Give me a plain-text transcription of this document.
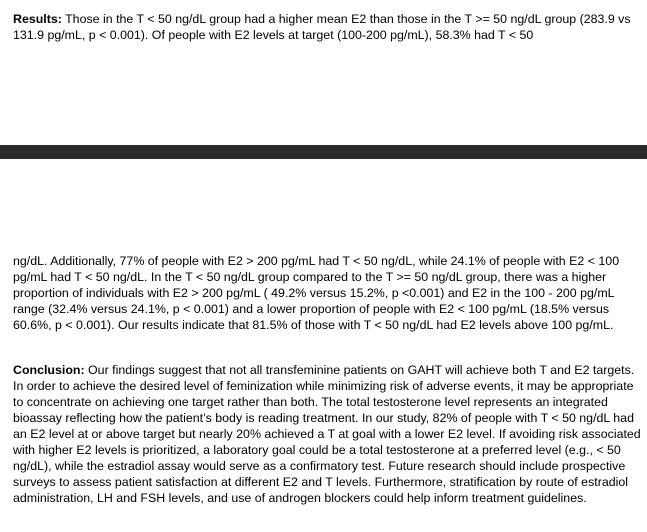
Results: Those in the T < 50 ng/dL group had a higher mean E2 than those in the T >= 50 ng/dL group (283.9 vs 131.9 pg/mL, p < 0.001). Of people with E2 levels at target (100-200 pg/mL), 58.3% had T < 50

ng/dL. Additionally, 77% of people with E2 > 200 pg/mL had T < 50 ng/dL, while 24.1% of people with E2 < 100 pg/mL had T < 50 ng/dL. In the T < 50 ng/dL group compared to the T >= 50 ng/dL group, there was a higher proportion of individuals with E2 > 200 pg/mL ( 49.2% versus 15.2%, p <0.001) and E2 in the 100 - 200 pg/mL range (32.4% versus 24.1%, p < 0.001) and a lower proportion of people with E2 < 100 pg/mL (18.5% versus 60.6%, p < 0.001). Our results indicate that 81.5% of those with T < 50 ng/dL had E2 levels above 100 pg/mL.

Conclusion: Our findings suggest that not all transfeminine patients on GAHT will achieve both T and E2 targets. In order to achieve the desired level of feminization while minimizing risk of adverse events, it may be appropriate to concentrate on achieving one target rather than both. The total testosterone level represents an integrated bioassay reflecting how the patient’s body is reading treatment. In our study, 82% of people with T < 50 ng/dL had an E2 level at or above target but nearly 20% achieved a T at goal with a lower E2 level. If avoiding risk associated with higher E2 levels is prioritized, a laboratory goal could be a total testosterone at a preferred level (e.g., < 50 ng/dL), while the estradiol assay would serve as a confirmatory test. Future research should include prospective surveys to assess patient satisfaction at different E2 and T levels. Furthermore, stratification by route of estradiol administration, LH and FSH levels, and use of androgen blockers could help inform treatment guidelines.
